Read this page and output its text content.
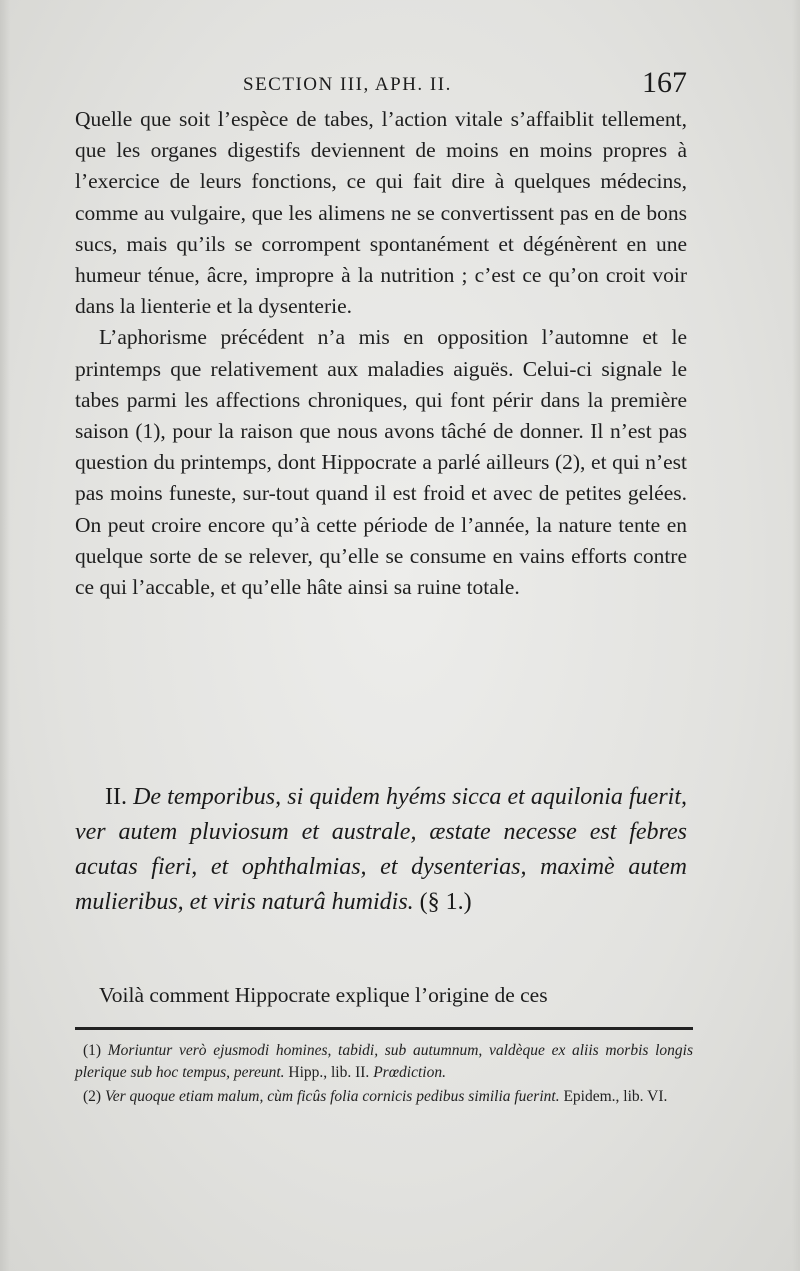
SECTION III, APH. II.	167

Quelle que soit l’espèce de tabes, l’action vitale s’affaiblit tellement, que les organes digestifs deviennent de moins en moins propres à l’exercice de leurs fonctions, ce qui fait dire à quelques médecins, comme au vulgaire, que les alimens ne se convertissent pas en de bons sucs, mais qu’ils se corrompent spontanément et dégénèrent en une humeur ténue, âcre, impropre à la nutrition ; c’est ce qu’on croit voir dans la lienterie et la dysenterie.

L’aphorisme précédent n’a mis en opposition l’automne et le printemps que relativement aux maladies aiguës. Celui-ci signale le tabes parmi les affections chroniques, qui font périr dans la première saison (1), pour la raison que nous avons tâché de donner. Il n’est pas question du printemps, dont Hippocrate a parlé ailleurs (2), et qui n’est pas moins funeste, sur-tout quand il est froid et avec de petites gelées. On peut croire encore qu’à cette période de l’année, la nature tente en quelque sorte de se relever, qu’elle se consume en vains efforts contre ce qui l’accable, et qu’elle hâte ainsi sa ruine totale.

II. De temporibus, si quidem hyéms sicca et aquilonia fuerit, ver autem pluviosum et australe, æstate necesse est febres acutas fieri, et ophthalmias, et dysenterias, maximè autem mulieribus, et viris naturâ humidis. (§ 1.)
Voilà comment Hippocrate explique l’origine de ces

(1) Moriuntur verò ejusmodi homines, tabidi, sub autumnum, valdèque ex aliis morbis longis plerique sub hoc tempus, pereunt. Hipp., lib. II. Prœdiction.

(2) Ver quoque etiam malum, cùm ficûs folia cornicis pedibus similia fuerint. Epidem., lib. VI.
